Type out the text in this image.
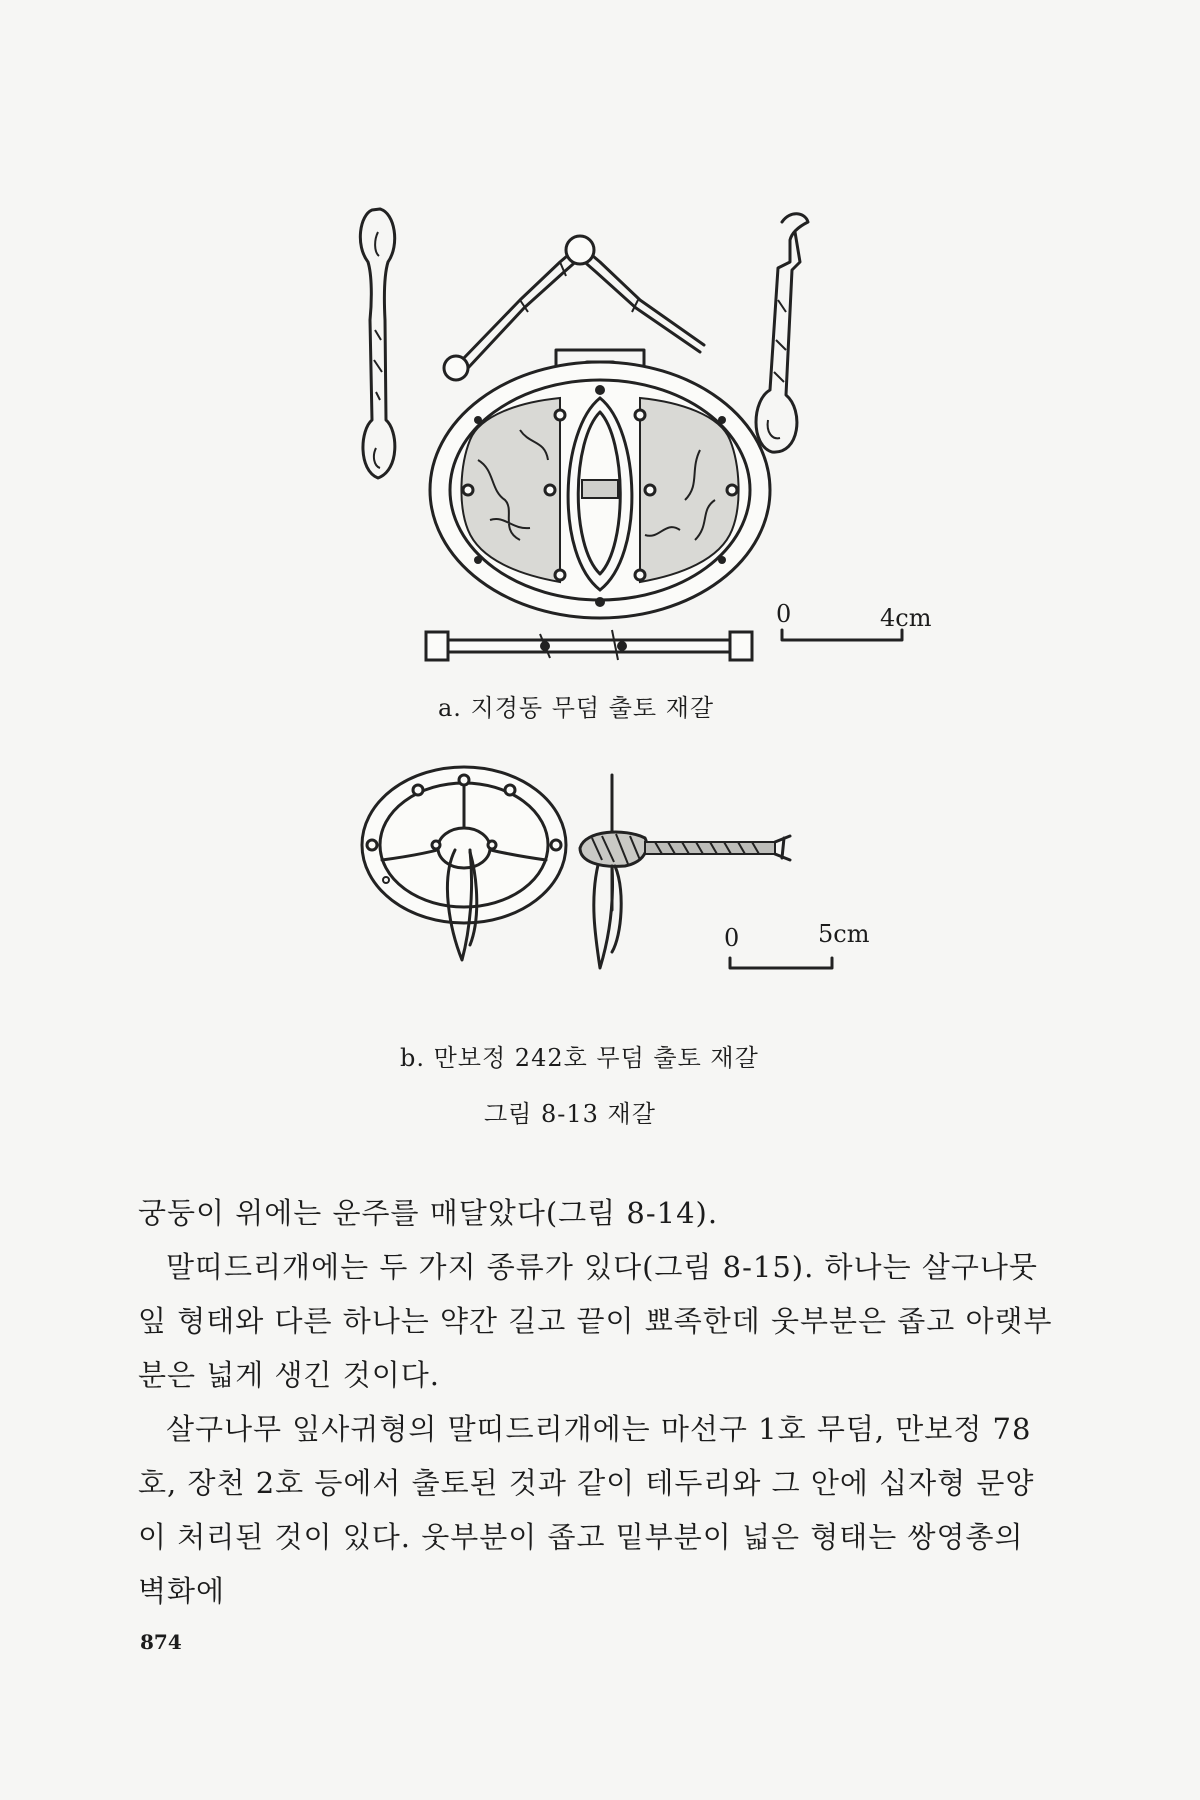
0	4cm
0	5cm
a. 지경동 무덤 출토 재갈
b. 만보정 242호 무덤 출토 재갈
그림 8-13 재갈

궁둥이 위에는 운주를 매달았다(그림 8-14).

말띠드리개에는 두 가지 종류가 있다(그림 8-15). 하나는 살구나뭇잎 형태와 다른 하나는 약간 길고 끝이 뾰족한데 웃부분은 좁고 아랫부분은 넓게 생긴 것이다.

살구나무 잎사귀형의 말띠드리개에는 마선구 1호 무덤, 만보정 78호, 장천 2호 등에서 출토된 것과 같이 테두리와 그 안에 십자형 문양이 처리된 것이 있다. 웃부분이 좁고 밑부분이 넓은 형태는 쌍영총의 벽화에

874
